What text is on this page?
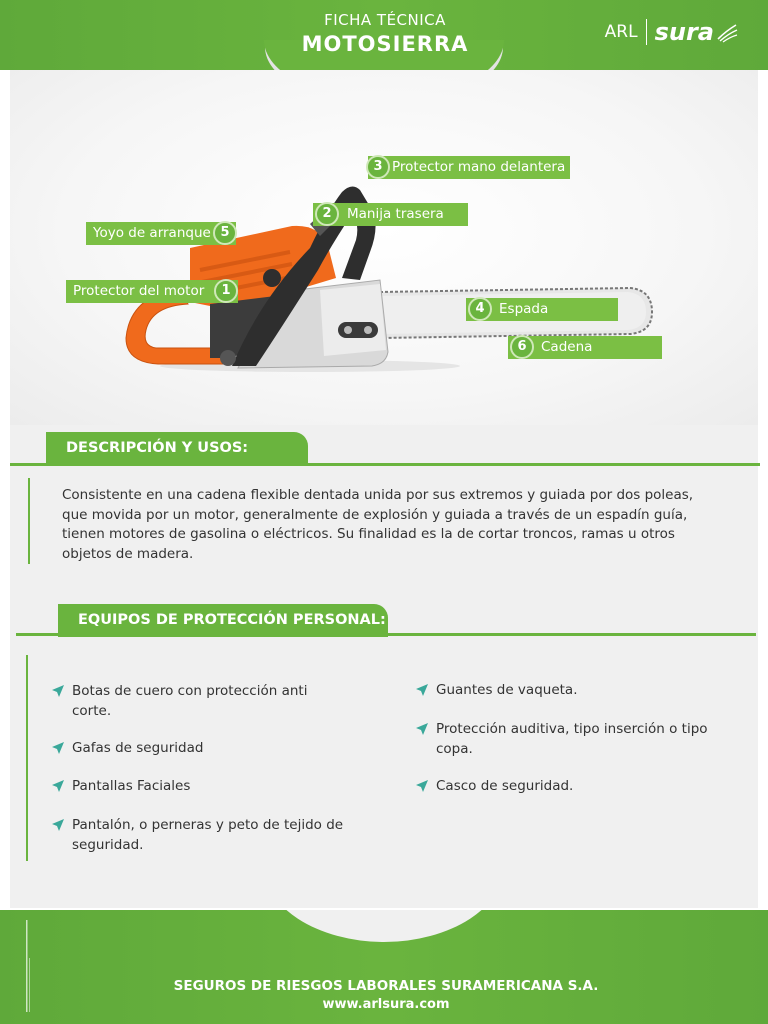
FICHA TÉCNICA
MOTOSIERRA	ARL sura
3 Protector mano delantera
2	Manija trasera
Yoyo de arranque 5
Protector del motor	1
4	Espada
6	Cadena
DESCRIPCIÓN Y USOS:
Consistente en una cadena flexible dentada unida por sus extremos y guiada por dos poleas, que movida por un motor, generalmente de explosión y guiada a través de un espadín guía, tienen motores de gasolina o eléctricos. Su finalidad es la de cortar troncos, ramas u otros objetos de madera.
EQUIPOS DE PROTECCIÓN PERSONAL:
Botas de cuero con protección anti corte.
Gafas de seguridad
Pantallas Faciales
Pantalón, o perneras y peto de tejido de seguridad.
Guantes de vaqueta.
Protección auditiva, tipo inserción o tipo copa.
Casco de seguridad.
SEGUROS DE RIESGOS LABORALES SURAMERICANA S.A.
www.arlsura.com
